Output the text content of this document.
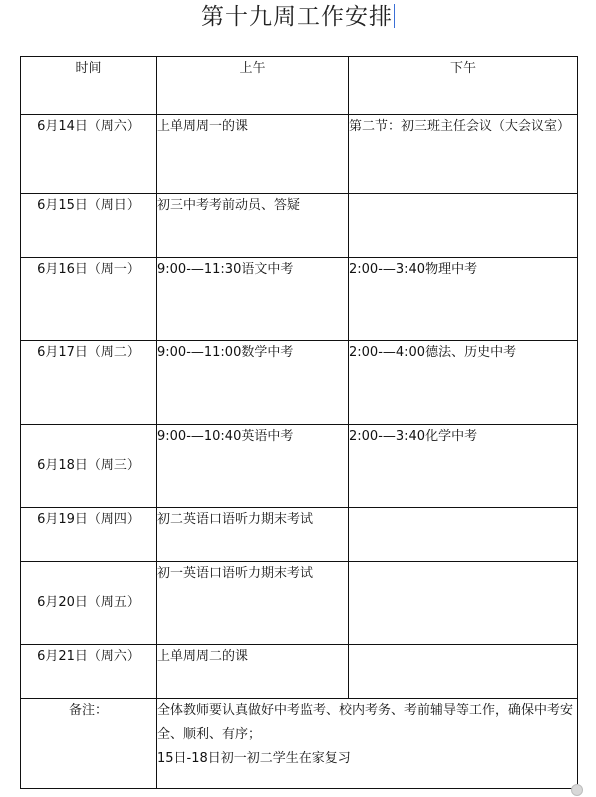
第十九周工作安排
时间	上午	下午
6月14日（周六）	上单周周一的课	第二节：初三班主任会议（大会议室）
6月15日（周日）	初三中考考前动员、答疑	
6月16日（周一）	9:00-—11:30语文中考	2:00-—3:40物理中考
6月17日（周二）	9:00-—11:00数学中考	2:00-—4:00德法、历史中考
6月18日（周三）	9:00-—10:40英语中考	2:00-—3:40化学中考
6月19日（周四）	初二英语口语听力期末考试	
6月20日（周五）	初一英语口语听力期末考试	
6月21日（周六）	上单周周二的课	
备注：	全体教师要认真做好中考监考、校内考务、考前辅导等工作，确保中考安全、顺利、有序；
15日-18日初一初二学生在家复习	
